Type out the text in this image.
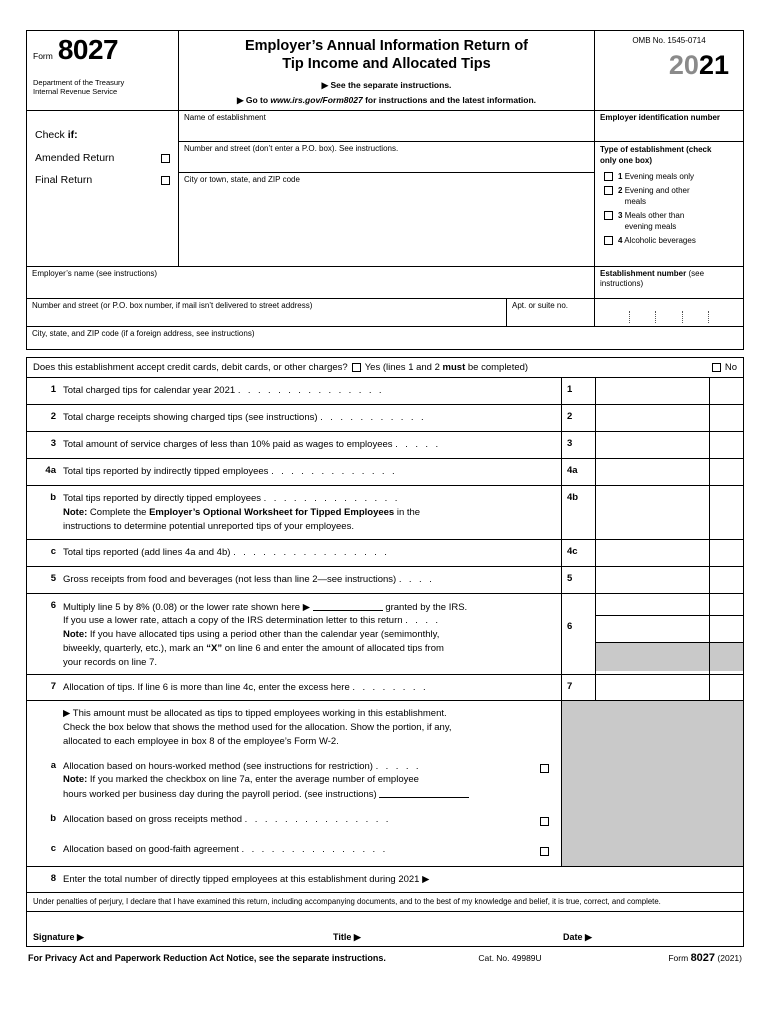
Form 8027
Department of the Treasury
Internal Revenue Service
Employer’s Annual Information Return of
Tip Income and Allocated Tips
▶ See the separate instructions.
▶ Go to www.irs.gov/Form8027 for instructions and the latest information.
OMB No. 1545-0714
2021
Check if:
Amended Return
Final Return
Name of establishment
Number and street (don’t enter a P.O. box). See instructions.
City or town, state, and ZIP code
Employer identification number
Type of establishment (check
only one box)
1 Evening meals only
2 Evening and other
meals
3 Meals other than
evening meals
4 Alcoholic beverages
Employer’s name (see instructions)	Establishment number (see instructions)
Number and street (or P.O. box number, if mail isn’t delivered to street address)	Apt. or suite no.
City, state, and ZIP code (if a foreign address, see instructions)
Does this establishment accept credit cards, debit cards, or other charges? Yes (lines 1 and 2 must be completed)	No
1 Total charged tips for calendar year 2021 . . . . . . . . . . . . . . .	1
2 Total charge receipts showing charged tips (see instructions) . . . . . . . . . . .	2
3 Total amount of service charges of less than 10% paid as wages to employees . . . . .	3
4a Total tips reported by indirectly tipped employees . . . . . . . . . . . . .	4a
b Total tips reported by directly tipped employees . . . . . . . . . . . . . .
Note: Complete the Employer’s Optional Worksheet for Tipped Employees in the
instructions to determine potential unreported tips of your employees.
4b
c Total tips reported (add lines 4a and 4b) . . . . . . . . . . . . . . . .	4c
5 Gross receipts from food and beverages (not less than line 2—see instructions) . . . .	5
6 Multiply line 5 by 8% (0.08) or the lower rate shown here ▶	granted by the IRS.
If you use a lower rate, attach a copy of the IRS determination letter to this return . . . .
Note: If you have allocated tips using a period other than the calendar year (semimonthly,
biweekly, quarterly, etc.), mark an “X” on line 6 and enter the amount of allocated tips from
your records on line 7.
6
7 Allocation of tips. If line 6 is more than line 4c, enter the excess here . . . . . . . .	7
▶ This amount must be allocated as tips to tipped employees working in this establishment.
Check the box below that shows the method used for the allocation. Show the portion, if any,
allocated to each employee in box 8 of the employee’s Form W-2.
a Allocation based on hours-worked method (see instructions for restriction) . . . . .
Note: If you marked the checkbox on line 7a, enter the average number of employee
hours worked per business day during the payroll period. (see instructions)
b Allocation based on gross receipts method . . . . . . . . . . . . . . .
c Allocation based on good-faith agreement . . . . . . . . . . . . . . .
8 Enter the total number of directly tipped employees at this establishment during 2021 ▶
Under penalties of perjury, I declare that I have examined this return, including accompanying documents, and to the best of my knowledge and belief, it is true, correct, and complete.
Signature ▶	Title ▶	Date ▶
For Privacy Act and Paperwork Reduction Act Notice, see the separate instructions.	Cat. No. 49989U	Form 8027 (2021)
